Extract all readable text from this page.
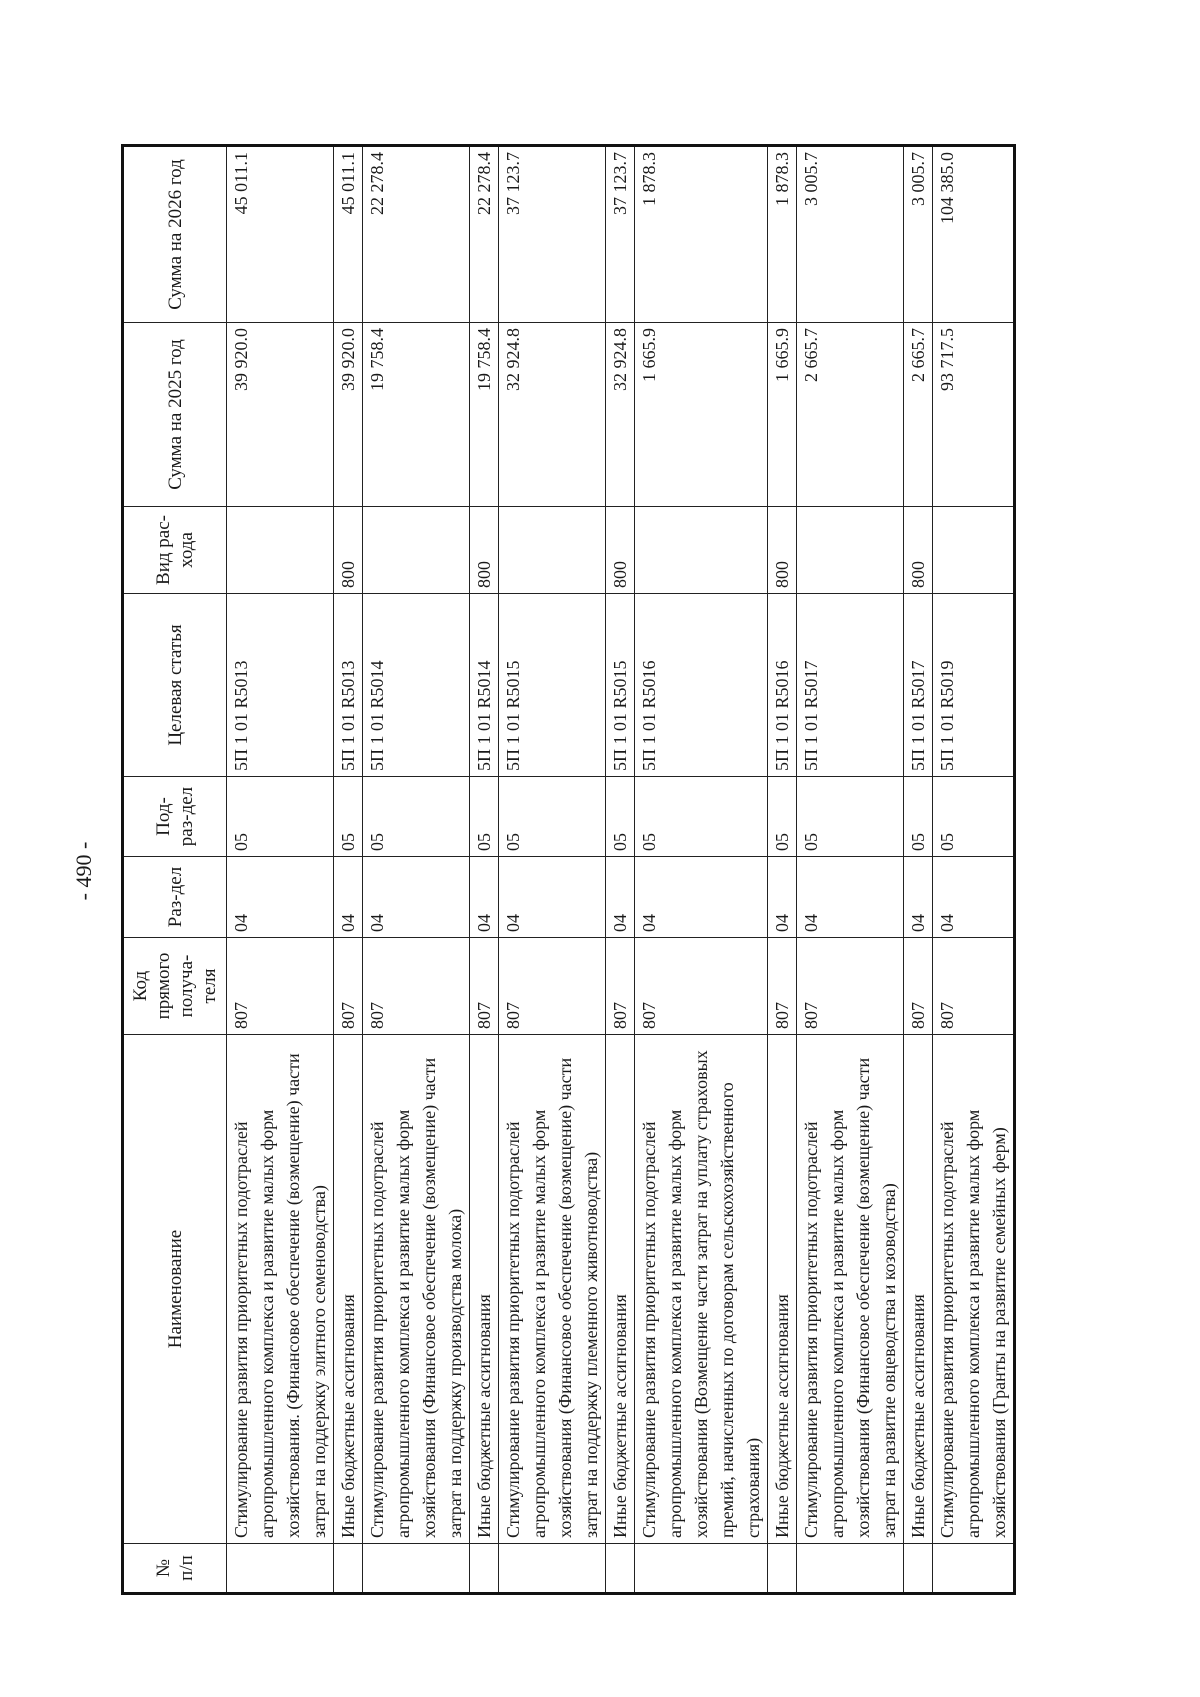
- 490 -
№ п/п	Наименование	Код прямого получа-теля	Раз-дел	Под-раз-дел	Целевая статья	Вид рас-хода	Сумма на 2025 год	Сумма на 2026 год
	Стимулирование развития приоритетных подотраслей агропромышленного комплекса и развитие малых форм хозяйствования. (Финансовое обеспечение (возмещение) части затрат на поддержку элитного семеноводства)	807	04	05	5П 1 01 R5013		39 920.0	45 011.1
	Иные бюджетные ассигнования	807	04	05	5П 1 01 R5013	800	39 920.0	45 011.1
	Стимулирование развития приоритетных подотраслей агропромышленного комплекса и развитие малых форм хозяйствования (Финансовое обеспечение (возмещение) части затрат на поддержку производства молока)	807	04	05	5П 1 01 R5014		19 758.4	22 278.4
	Иные бюджетные ассигнования	807	04	05	5П 1 01 R5014	800	19 758.4	22 278.4
	Стимулирование развития приоритетных подотраслей агропромышленного комплекса и развитие малых форм хозяйствования (Финансовое обеспечение (возмещение) части затрат на поддержку племенного животноводства)	807	04	05	5П 1 01 R5015		32 924.8	37 123.7
	Иные бюджетные ассигнования	807	04	05	5П 1 01 R5015	800	32 924.8	37 123.7
	Стимулирование развития приоритетных подотраслей агропромышленного комплекса и развитие малых форм хозяйствования (Возмещение части затрат на уплату страховых премий, начисленных по договорам сельскохозяйственного страхования)	807	04	05	5П 1 01 R5016		1 665.9	1 878.3
	Иные бюджетные ассигнования	807	04	05	5П 1 01 R5016	800	1 665.9	1 878.3
	Стимулирование развития приоритетных подотраслей агропромышленного комплекса и развитие малых форм хозяйствования (Финансовое обеспечение (возмещение) части затрат на развитие овцеводства и козоводства)	807	04	05	5П 1 01 R5017		2 665.7	3 005.7
	Иные бюджетные ассигнования	807	04	05	5П 1 01 R5017	800	2 665.7	3 005.7
	Стимулирование развития приоритетных подотраслей агропромышленного комплекса и развитие малых форм хозяйствования (Гранты на развитие семейных ферм)	807	04	05	5П 1 01 R5019		93 717.5	104 385.0
